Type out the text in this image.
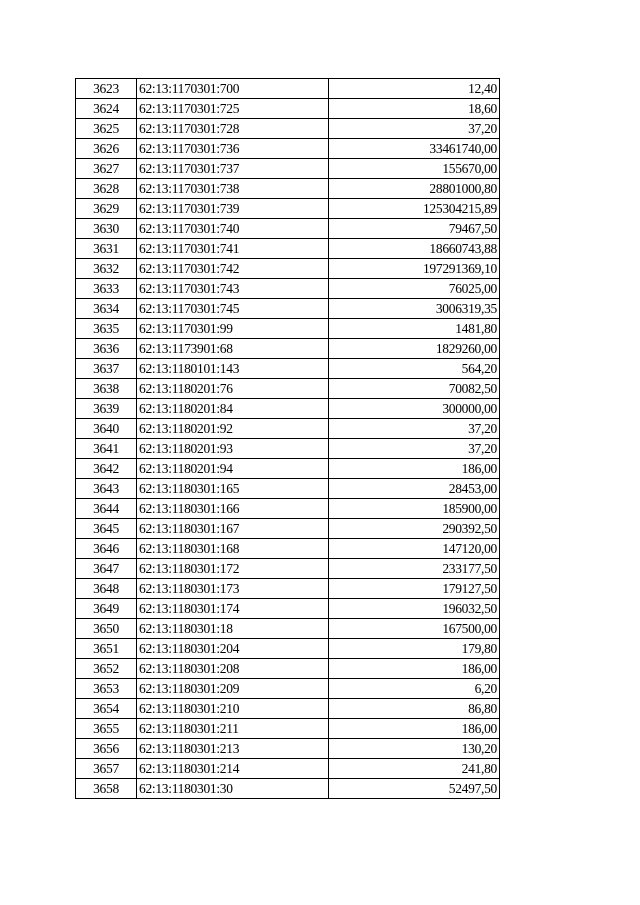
3623	62:13:1170301:700	12,40
3624	62:13:1170301:725	18,60
3625	62:13:1170301:728	37,20
3626	62:13:1170301:736	33461740,00
3627	62:13:1170301:737	155670,00
3628	62:13:1170301:738	28801000,80
3629	62:13:1170301:739	125304215,89
3630	62:13:1170301:740	79467,50
3631	62:13:1170301:741	18660743,88
3632	62:13:1170301:742	197291369,10
3633	62:13:1170301:743	76025,00
3634	62:13:1170301:745	3006319,35
3635	62:13:1170301:99	1481,80
3636	62:13:1173901:68	1829260,00
3637	62:13:1180101:143	564,20
3638	62:13:1180201:76	70082,50
3639	62:13:1180201:84	300000,00
3640	62:13:1180201:92	37,20
3641	62:13:1180201:93	37,20
3642	62:13:1180201:94	186,00
3643	62:13:1180301:165	28453,00
3644	62:13:1180301:166	185900,00
3645	62:13:1180301:167	290392,50
3646	62:13:1180301:168	147120,00
3647	62:13:1180301:172	233177,50
3648	62:13:1180301:173	179127,50
3649	62:13:1180301:174	196032,50
3650	62:13:1180301:18	167500,00
3651	62:13:1180301:204	179,80
3652	62:13:1180301:208	186,00
3653	62:13:1180301:209	6,20
3654	62:13:1180301:210	86,80
3655	62:13:1180301:211	186,00
3656	62:13:1180301:213	130,20
3657	62:13:1180301:214	241,80
3658	62:13:1180301:30	52497,50
